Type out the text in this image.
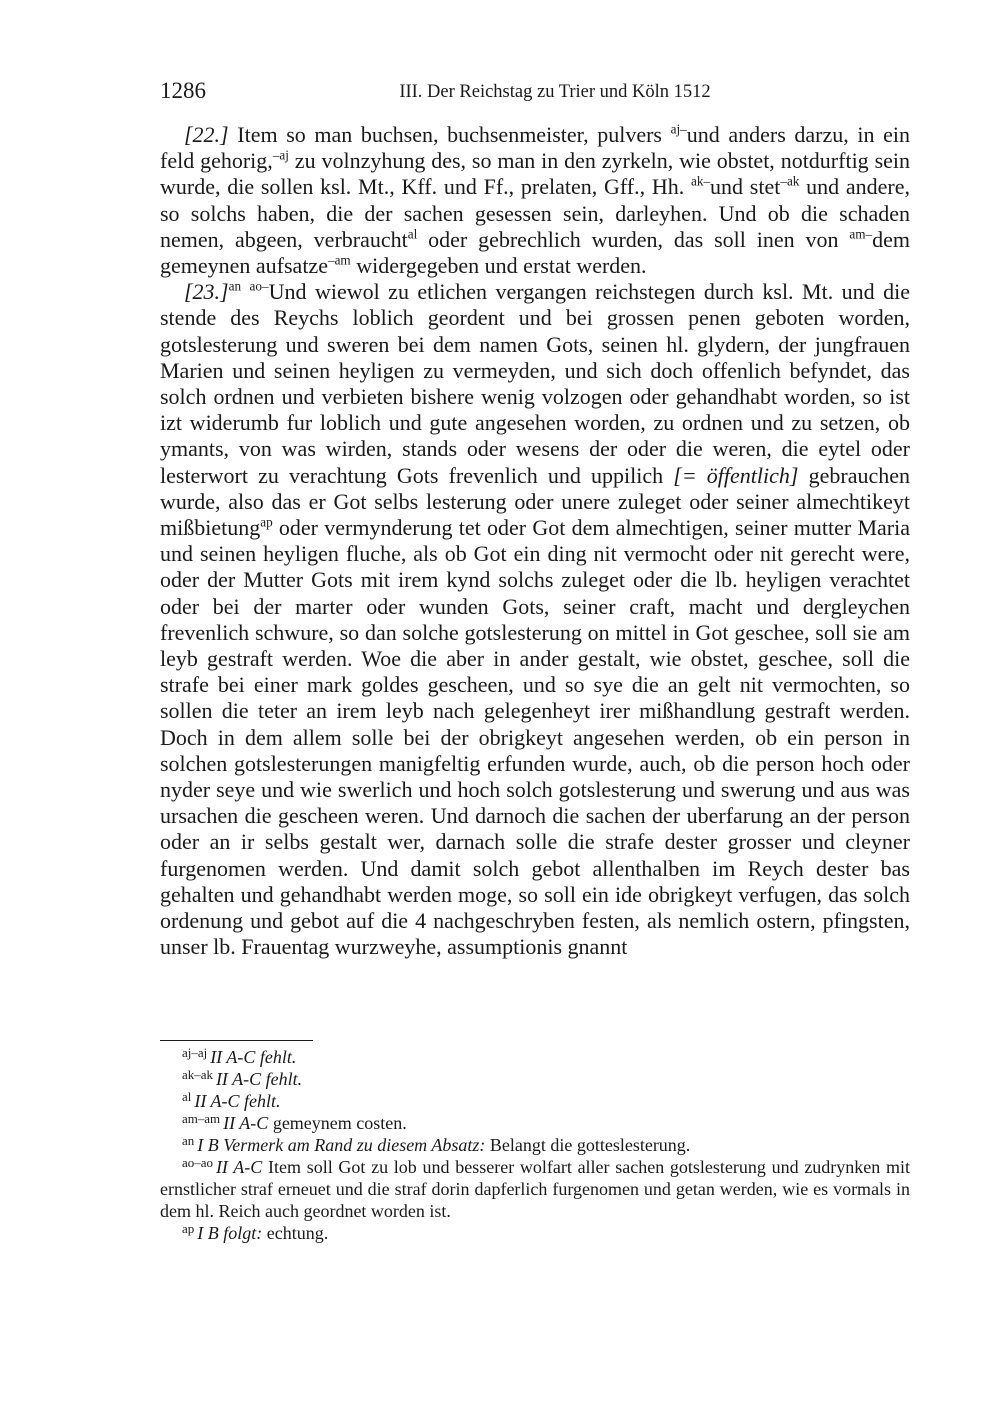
1286	III. Der Reichstag zu Trier und Köln 1512

[22.] Item so man buchsen, buchsenmeister, pulvers $^{aj-}$und anders darzu, in ein feld gehorig,$^{-aj}$ zu volnzyhung des, so man in den zyrkeln, wie obstet, notdurftig sein wurde, die sollen ksl. Mt., Kff. und Ff., prelaten, Gff., Hh. $^{ak-}$und stet$^{-ak}$ und andere, so solchs haben, die der sachen gesessen sein, darleyhen. Und ob die schaden nemen, abgeen, verbraucht$^{al}$ oder gebrechlich wurden, das soll inen von $^{am-}$dem gemeynen aufsatze$^{-am}$ widergegeben und erstat werden.

$[23.]^{an}$ $^{ao-}$Und wiewol zu etlichen vergangen reichstegen durch ksl. Mt. und die stende des Reychs loblich geordent und bei grossen penen geboten worden, gotslesterung und sweren bei dem namen Gots, seinen hl. glydern, der jungfrauen Marien und seinen heyligen zu vermeyden, und sich doch offenlich befyndet, das solch ordnen und verbieten bishere wenig volzogen oder gehandhabt worden, so ist izt widerumb fur loblich und gute angesehen worden, zu ordnen und zu setzen, ob ymants, von was wirden, stands oder wesens der oder die weren, die eytel oder lesterwort zu verachtung Gots frevenlich und uppilich [= öffentlich] gebrauchen wurde, also das er Got selbs lesterung oder unere zuleget oder seiner almechtikeyt mißbietung$^{ap}$ oder vermynderung tet oder Got dem almechtigen, seiner mutter Maria und seinen heyligen fluche, als ob Got ein ding nit vermocht oder nit gerecht were, oder der Mutter Gots mit irem kynd solchs zuleget oder die lb. heyligen verachtet oder bei der marter oder wunden Gots, seiner craft, macht und dergleychen frevenlich schwure, so dan solche gotslesterung on mittel in Got geschee, soll sie am leyb gestraft werden. Woe die aber in ander gestalt, wie obstet, geschee, soll die strafe bei einer mark goldes gescheen, und so sye die an gelt nit vermochten, so sollen die teter an irem leyb nach gelegenheyt irer mißhandlung gestraft werden. Doch in dem allem solle bei der obrigkeyt angesehen werden, ob ein person in solchen gotslesterungen manigfeltig erfunden wurde, auch, ob die person hoch oder nyder seye und wie swerlich und hoch solch gotslesterung und swerung und aus was ursachen die gescheen weren. Und darnoch die sachen der uberfarung an der person oder an ir selbs gestalt wer, darnach solle die strafe dester grosser und cleyner furgenomen werden. Und damit solch gebot allenthalben im Reych dester bas gehalten und gehandhabt werden moge, so soll ein ide obrigkeyt verfugen, das solch ordenung und gebot auf die 4 nachgeschryben festen, als nemlich ostern, pfingsten, unser lb. Frauentag wurzweyhe, assumptionis gnannt

$^{aj-aj}$ II A-C fehlt.

$^{ak-ak}$ II A-C fehlt.

$^{al}$ II A-C fehlt.

$^{am-am}$ II A-C gemeynem costen.

$^{an}$ I B Vermerk am Rand zu diesem Absatz: Belangt die gotteslesterung.

$^{ao-ao}$ II A-C Item soll Got zu lob und besserer wolfart aller sachen gotslesterung und zudrynken mit ernstlicher straf erneuet und die straf dorin dapferlich furgenomen und getan werden, wie es vormals in dem hl. Reich auch geordnet worden ist.

$^{ap}$ I B folgt: echtung.
